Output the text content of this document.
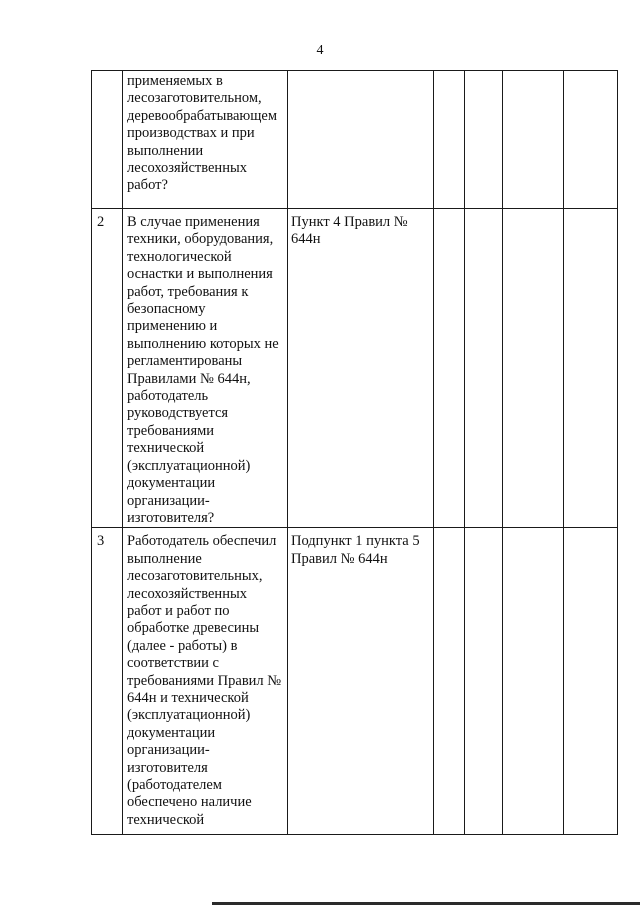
4

	применяемых в лесозаготовительном, деревообрабатывающем производствах и при выполнении лесохозяйственных работ?					

2	В случае применения техники, оборудования, технологической оснастки и выполнения работ, требования к безопасному применению и выполнению которых не регламентированы Правилами № 644н, работодатель руководствуется требованиями технической (эксплуатационной) документации организации-изготовителя?	Пункт 4 Правил № 644н				

3	Работодатель обеспечил выполнение лесозаготовительных, лесохозяйственных работ и работ по обработке древесины (далее - работы) в соответствии с требованиями Правил № 644н и технической (эксплуатационной) документации организации-изготовителя (работодателем обеспечено наличие технической	Подпункт 1 пункта 5 Правил № 644н				
